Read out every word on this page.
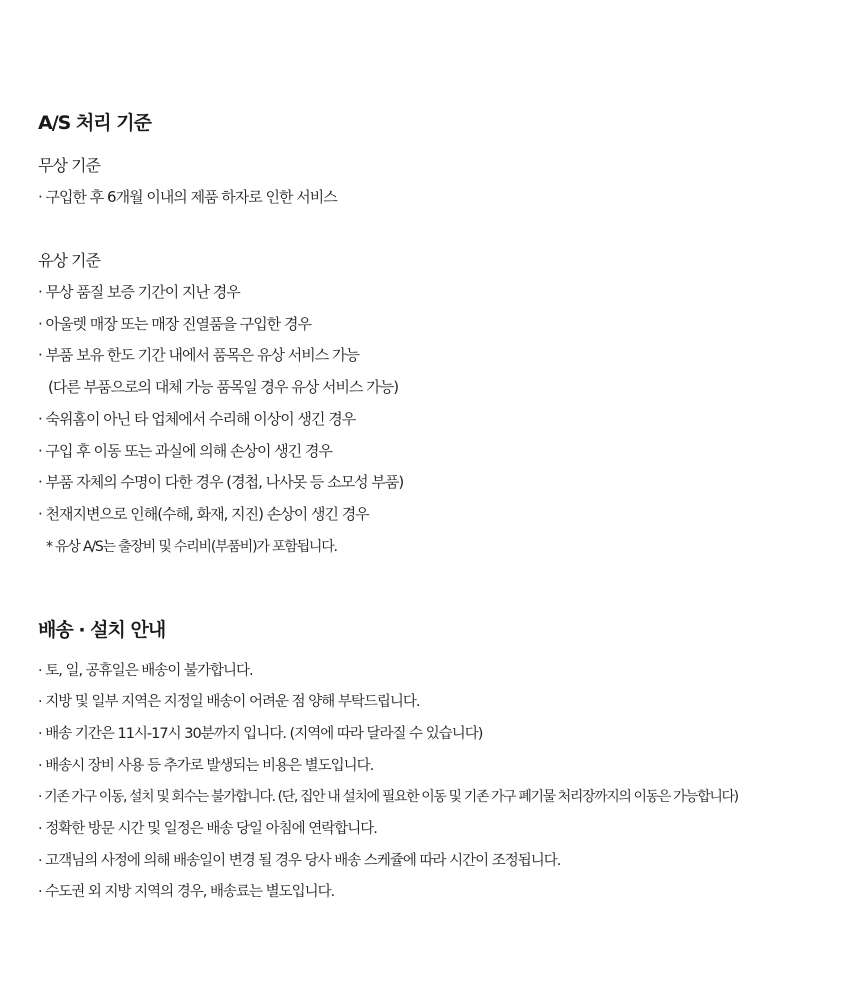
A/S 처리 기준
무상 기준
· 구입한 후 6개월 이내의 제품 하자로 인한 서비스
유상 기준
· 무상 품질 보증 기간이 지난 경우
· 아울렛 매장 또는 매장 진열품을 구입한 경우
· 부품 보유 한도 기간 내에서 품목은 유상 서비스 가능
(다른 부품으로의 대체 가능 품목일 경우 유상 서비스 가능)
· 숙위홈이 아닌 타 업체에서 수리해 이상이 생긴 경우
· 구입 후 이동 또는 과실에 의해 손상이 생긴 경우
· 부품 자체의 수명이 다한 경우 (경첩, 나사못 등 소모성 부품)
· 천재지변으로 인해(수해, 화재, 지진) 손상이 생긴 경우
* 유상 A/S는 출장비 및 수리비(부품비)가 포함됩니다.
배송 · 설치 안내
· 토, 일, 공휴일은 배송이 불가합니다.
· 지방 및 일부 지역은 지정일 배송이 어려운 점 양해 부탁드립니다.
· 배송 기간은 11시-17시 30분까지 입니다. (지역에 따라 달라질 수 있습니다)
· 배송시 장비 사용 등 추가로 발생되는 비용은 별도입니다.
· 기존 가구 이동, 설치 및 회수는 불가합니다. (단, 집안 내 설치에 필요한 이동 및 기존 가구 폐기물 처리장까지의 이동은 가능합니다)
· 정확한 방문 시간 및 일정은 배송 당일 아침에 연락합니다.
· 고객님의 사정에 의해 배송일이 변경 될 경우 당사 배송 스케쥴에 따라 시간이 조정됩니다.
· 수도권 외 지방 지역의 경우, 배송료는 별도입니다.
